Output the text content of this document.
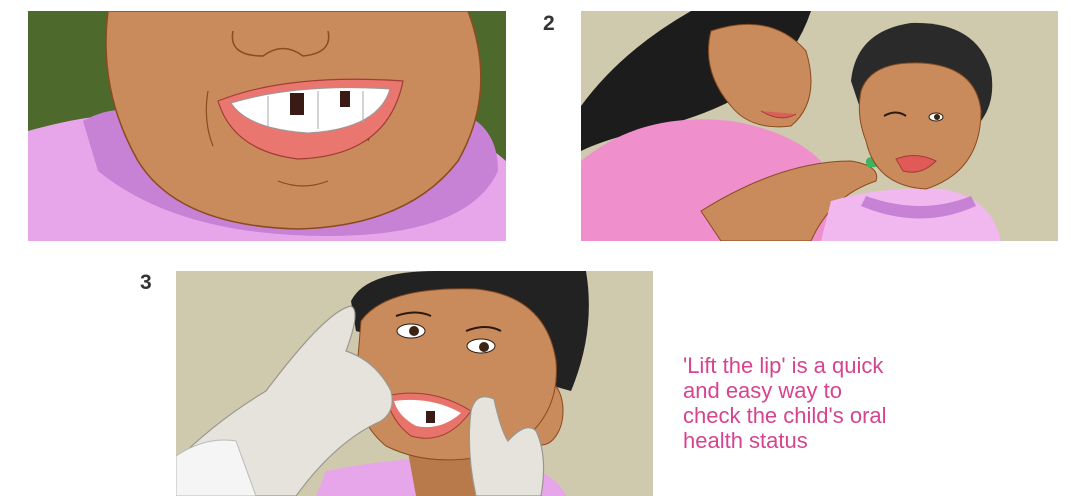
2
3
'Lift the lip' is a quick and easy way to check the child's oral health status
